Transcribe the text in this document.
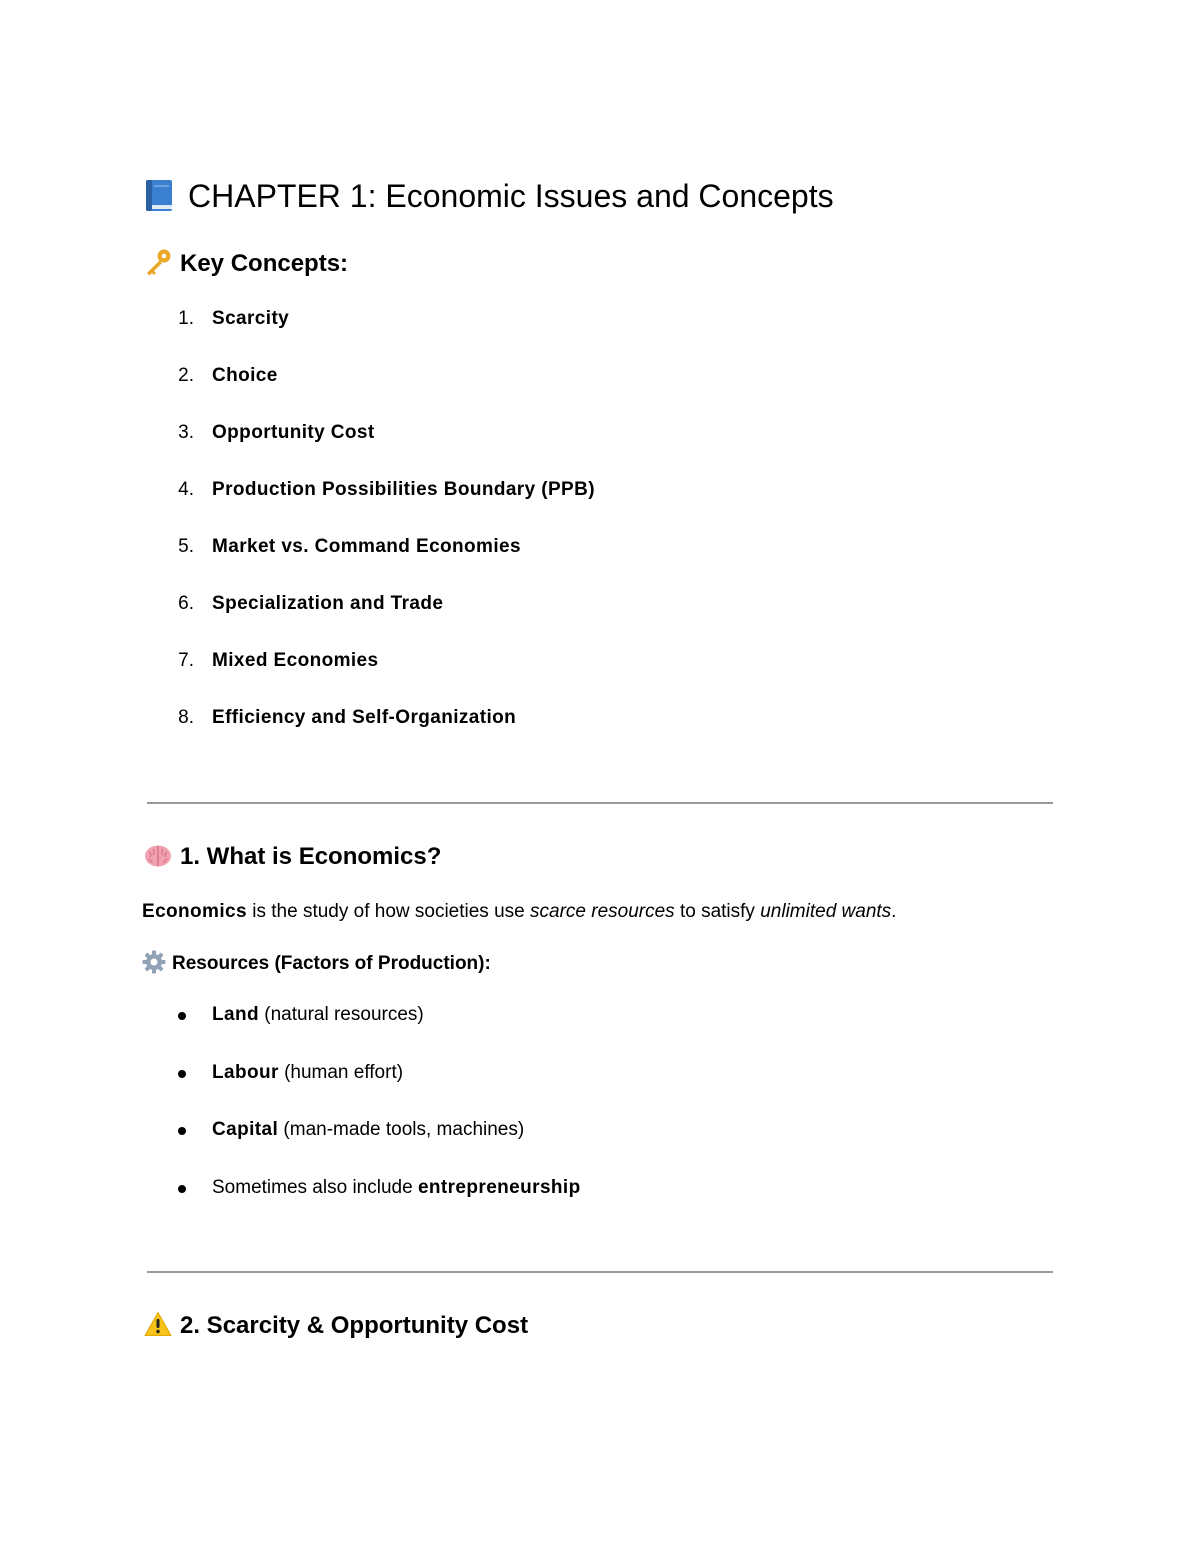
CHAPTER 1: Economic Issues and Concepts
Key Concepts:
1. Scarcity
2. Choice
3. Opportunity Cost
4. Production Possibilities Boundary (PPB)
5. Market vs. Command Economies
6. Specialization and Trade
7. Mixed Economies
8. Efficiency and Self-Organization
1. What is Economics?
Economics is the study of how societies use scarce resources to satisfy unlimited wants.
Resources (Factors of Production):
Land (natural resources)
Labour (human effort)
Capital (man-made tools, machines)
Sometimes also include entrepreneurship
2. Scarcity & Opportunity Cost
